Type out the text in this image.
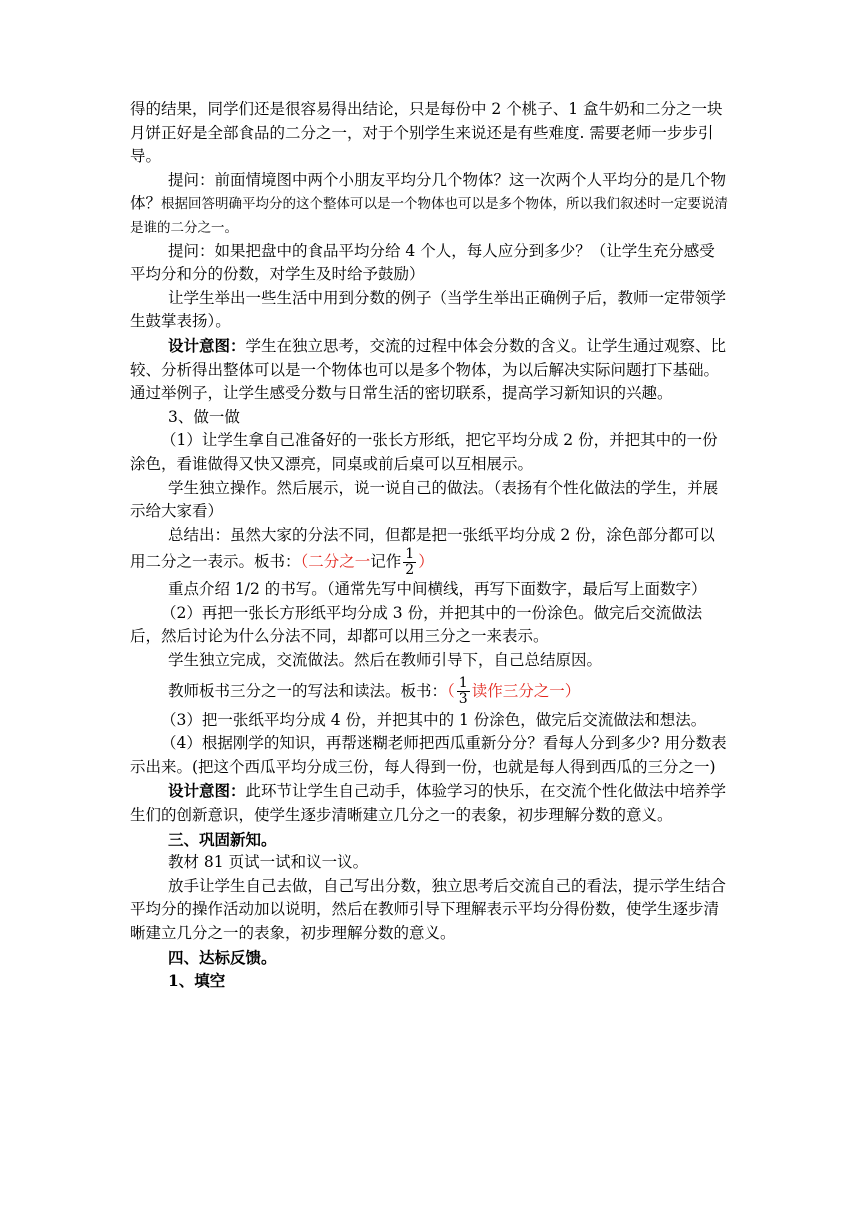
得的结果，同学们还是很容易得出结论，只是每份中 2 个桃子、1 盒牛奶和二分之一块月饼正好是全部食品的二分之一，对于个别学生来说还是有些难度. 需要老师一步步引导。

提问：前面情境图中两个小朋友平均分几个物体？这一次两个人平均分的是几个物体？根据回答明确平均分的这个整体可以是一个物体也可以是多个物体，所以我们叙述时一定要说清是谁的二分之一。

提问：如果把盘中的食品平均分给 4 个人，每人应分到多少？（让学生充分感受平均分和分的份数，对学生及时给予鼓励）

让学生举出一些生活中用到分数的例子（当学生举出正确例子后，教师一定带领学生鼓掌表扬）。

设计意图：学生在独立思考，交流的过程中体会分数的含义。让学生通过观察、比较、分析得出整体可以是一个物体也可以是多个物体，为以后解决实际问题打下基础。通过举例子，让学生感受分数与日常生活的密切联系，提高学习新知识的兴趣。

3、做一做

（1）让学生拿自己准备好的一张长方形纸，把它平均分成 2 份，并把其中的一份涂色，看谁做得又快又漂亮，同桌或前后桌可以互相展示。

学生独立操作。然后展示，说一说自己的做法。（表扬有个性化做法的学生，并展示给大家看）

总结出：虽然大家的分法不同，但都是把一张纸平均分成 2 份，涂色部分都可以用二分之一表示。板书：（二分之一记作 $\frac{1}{2}$ ）

重点介绍 1/2 的书写。（通常先写中间横线，再写下面数字，最后写上面数字）

（2）再把一张长方形纸平均分成 3 份，并把其中的一份涂色。做完后交流做法后，然后讨论为什么分法不同，却都可以用三分之一来表示。

学生独立完成，交流做法。然后在教师引导下，自己总结原因。

教师板书三分之一的写法和读法。板书：（ $\frac{1}{3}$ 读作三分之一）

（3）把一张纸平均分成 4 份，并把其中的 1 份涂色，做完后交流做法和想法。

（4）根据刚学的知识，再帮迷糊老师把西瓜重新分分？看每人分到多少? 用分数表示出来。(把这个西瓜平均分成三份，每人得到一份，也就是每人得到西瓜的三分之一)

设计意图：此环节让学生自己动手，体验学习的快乐，在交流个性化做法中培养学生们的创新意识，使学生逐步清晰建立几分之一的表象，初步理解分数的意义。

三、巩固新知。

教材 81 页试一试和议一议。

放手让学生自己去做，自己写出分数，独立思考后交流自己的看法，提示学生结合平均分的操作活动加以说明，然后在教师引导下理解表示平均分得份数，使学生逐步清晰建立几分之一的表象，初步理解分数的意义。

四、达标反馈。

1、填空
